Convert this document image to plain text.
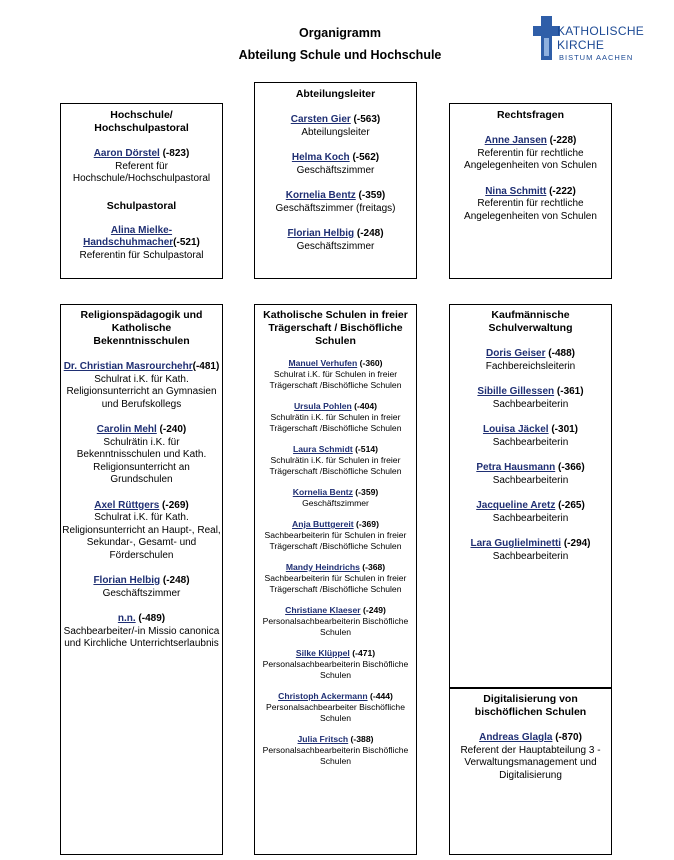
Organigramm
Abteilung Schule und Hochschule
KATHOLISCHE
KIRCHE
BISTUM AACHEN
Hochschule/ Hochschulpastoral
Aaron Dörstel (-823)
Referent für Hochschule/Hochschulpastoral
Schulpastoral
Alina Mielke-Handschuhmacher(-521)
Referentin für Schulpastoral
Abteilungsleiter
Carsten Gier (-563)
Abteilungsleiter
Helma Koch (-562)
Geschäftszimmer
Kornelia Bentz (-359)
Geschäftszimmer (freitags)
Florian Helbig (-248)
Geschäftszimmer
Rechtsfragen
Anne Jansen (-228)
Referentin für rechtliche Angelegenheiten von Schulen
Nina Schmitt (-222)
Referentin für rechtliche Angelegenheiten von Schulen
Religionspädagogik und Katholische Bekenntnisschulen
Dr. Christian Masrourchehr(-481)
Schulrat i.K. für Kath. Religionsunterricht an Gymnasien und Berufskollegs
Carolin Mehl (-240)
Schulrätin i.K. für Bekenntnisschulen und Kath. Religionsunterricht an Grundschulen
Axel Rüttgers (-269)
Schulrat i.K. für Kath. Religionsunterricht an Haupt-, Real, Sekundar-, Gesamt- und Förderschulen
Florian Helbig (-248)
Geschäftszimmer
n.n. (-489)
Sachbearbeiter/-in Missio canonica und Kirchliche Unterrichtserlaubnis
Katholische Schulen in freier Trägerschaft / Bischöfliche Schulen
Manuel Verhufen (-360)
Schulrat i.K. für Schulen in freier Trägerschaft /Bischöfliche Schulen
Ursula Pohlen (-404)
Schulrätin i.K. für Schulen in freier Trägerschaft /Bischöfliche Schulen
Laura Schmidt (-514)
Schulrätin i.K. für Schulen in freier Trägerschaft /Bischöfliche Schulen
Kornelia Bentz (-359)
Geschäftszimmer
Anja Buttgereit (-369)
Sachbearbeiterin für Schulen in freier Trägerschaft /Bischöfliche Schulen
Mandy Heindrichs (-368)
Sachbearbeiterin für Schulen in freier Trägerschaft /Bischöfliche Schulen
Christiane Klaeser (-249)
Personalsachbearbeiterin Bischöfliche Schulen
Silke Klüppel (-471)
Personalsachbearbeiterin Bischöfliche Schulen
Christoph Ackermann (-444)
Personalsachbearbeiter Bischöfliche Schulen
Julia Fritsch (-388)
Personalsachbearbeiterin Bischöfliche Schulen
Kaufmännische Schulverwaltung
Doris Geiser (-488)
Fachbereichsleiterin
Sibille Gillessen (-361)
Sachbearbeiterin
Louisa Jäckel (-301)
Sachbearbeiterin
Petra Hausmann (-366)
Sachbearbeiterin
Jacqueline Aretz (-265)
Sachbearbeiterin
Lara Guglielminetti (-294)
Sachbearbeiterin
Digitalisierung von bischöflichen Schulen
Andreas Glagla (-870)
Referent der Hauptabteilung 3 - Verwaltungsmanagement und Digitalisierung
